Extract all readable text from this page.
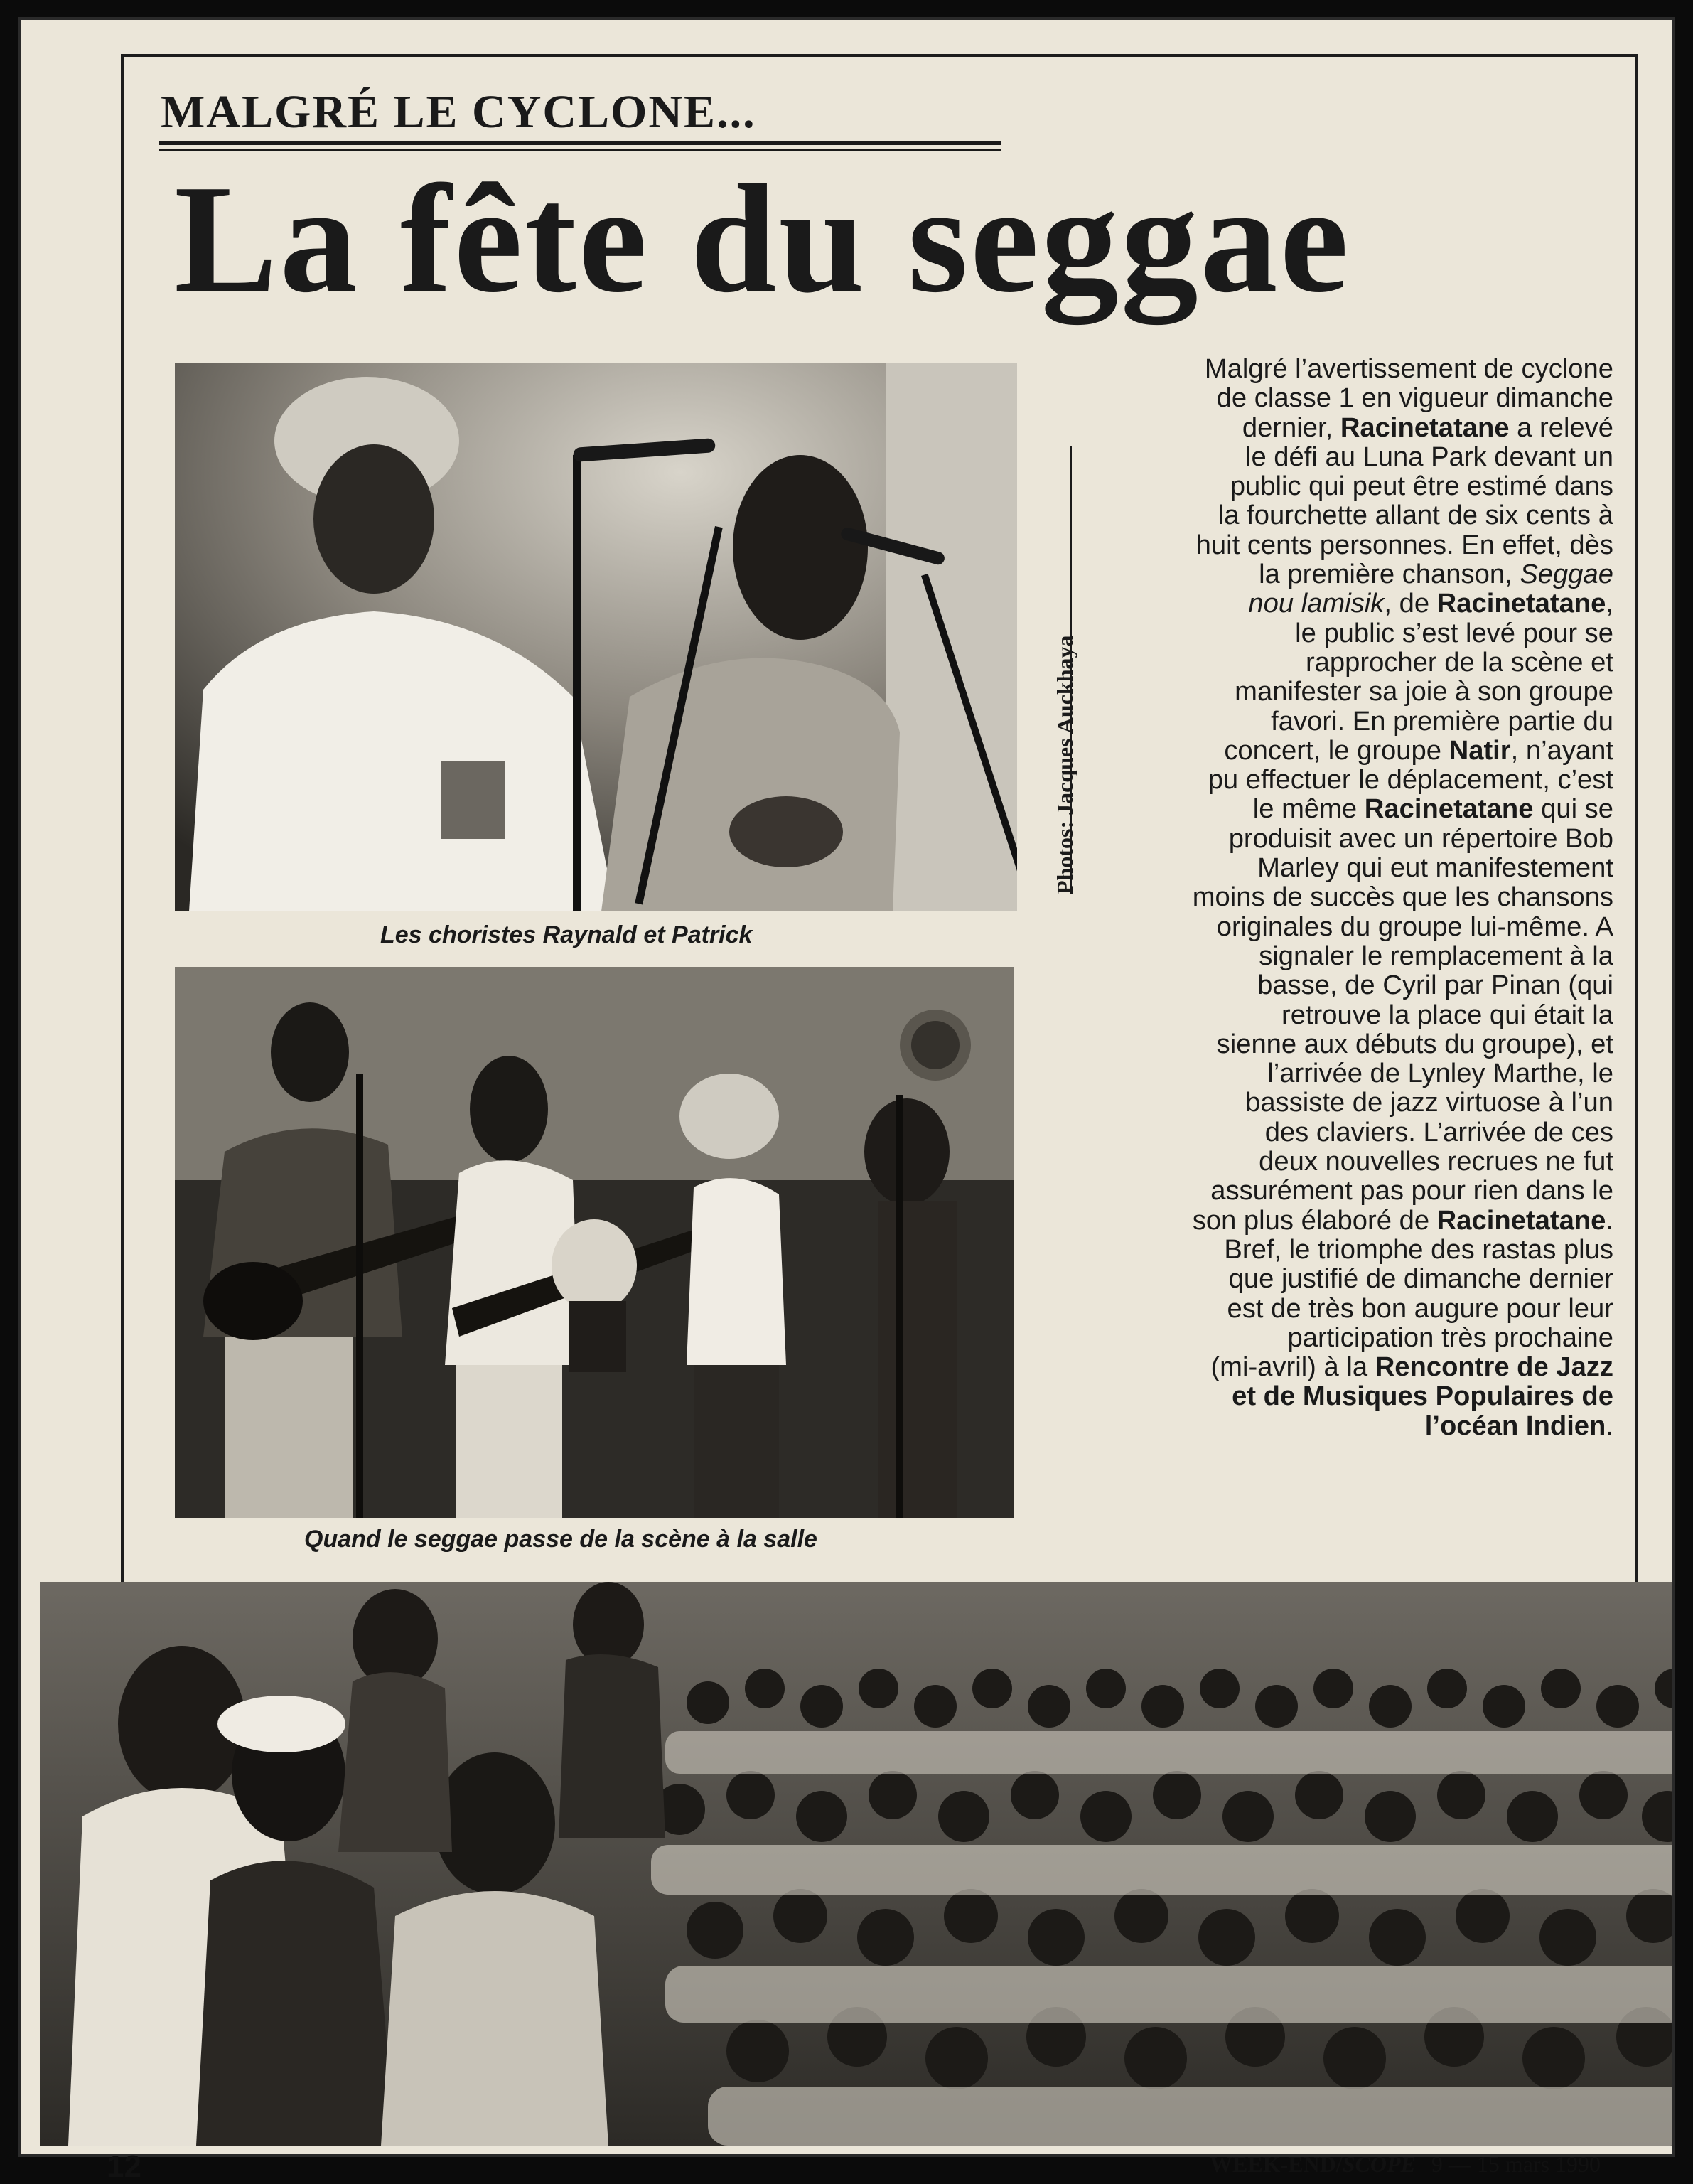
MALGRÉ LE CYCLONE...
La fête du seggae
Les choristes Raynald et Patrick
Photos: Jacques Auckhaya
Quand le seggae passe de la scène à la salle
Malgré l’avertissement de cyclone
de classe 1 en vigueur dimanche
dernier, Racinetatane a relevé
le défi au Luna Park devant un
public qui peut être estimé dans
la fourchette allant de six cents à
huit cents personnes. En effet, dès
la première chanson, Seggae
nou lamisik, de Racinetatane,
le public s’est levé pour se
rapprocher de la scène et
manifester sa joie à son groupe
favori. En première partie du
concert, le groupe Natir, n’ayant
pu effectuer le déplacement, c’est
le même Racinetatane qui se
produisit avec un répertoire Bob
Marley qui eut manifestement
moins de succès que les chansons
originales du groupe lui-même. A
signaler le remplacement à la
basse, de Cyril par Pinan (qui
retrouve la place qui était la
sienne aux débuts du groupe), et
l’arrivée de Lynley Marthe, le
bassiste de jazz virtuose à l’un
des claviers. L’arrivée de ces
deux nouvelles recrues ne fut
assurément pas pour rien dans le
son plus élaboré de Racinetatane.
Bref, le triomphe des rastas plus
que justifié de dimanche dernier
est de très bon augure pour leur
participation très prochaine
(mi-avril) à la Rencontre de Jazz
et de Musiques Populaires de
l’océan Indien.
12	WEEK-END/SCOPE 9 — 15 mars 1990
